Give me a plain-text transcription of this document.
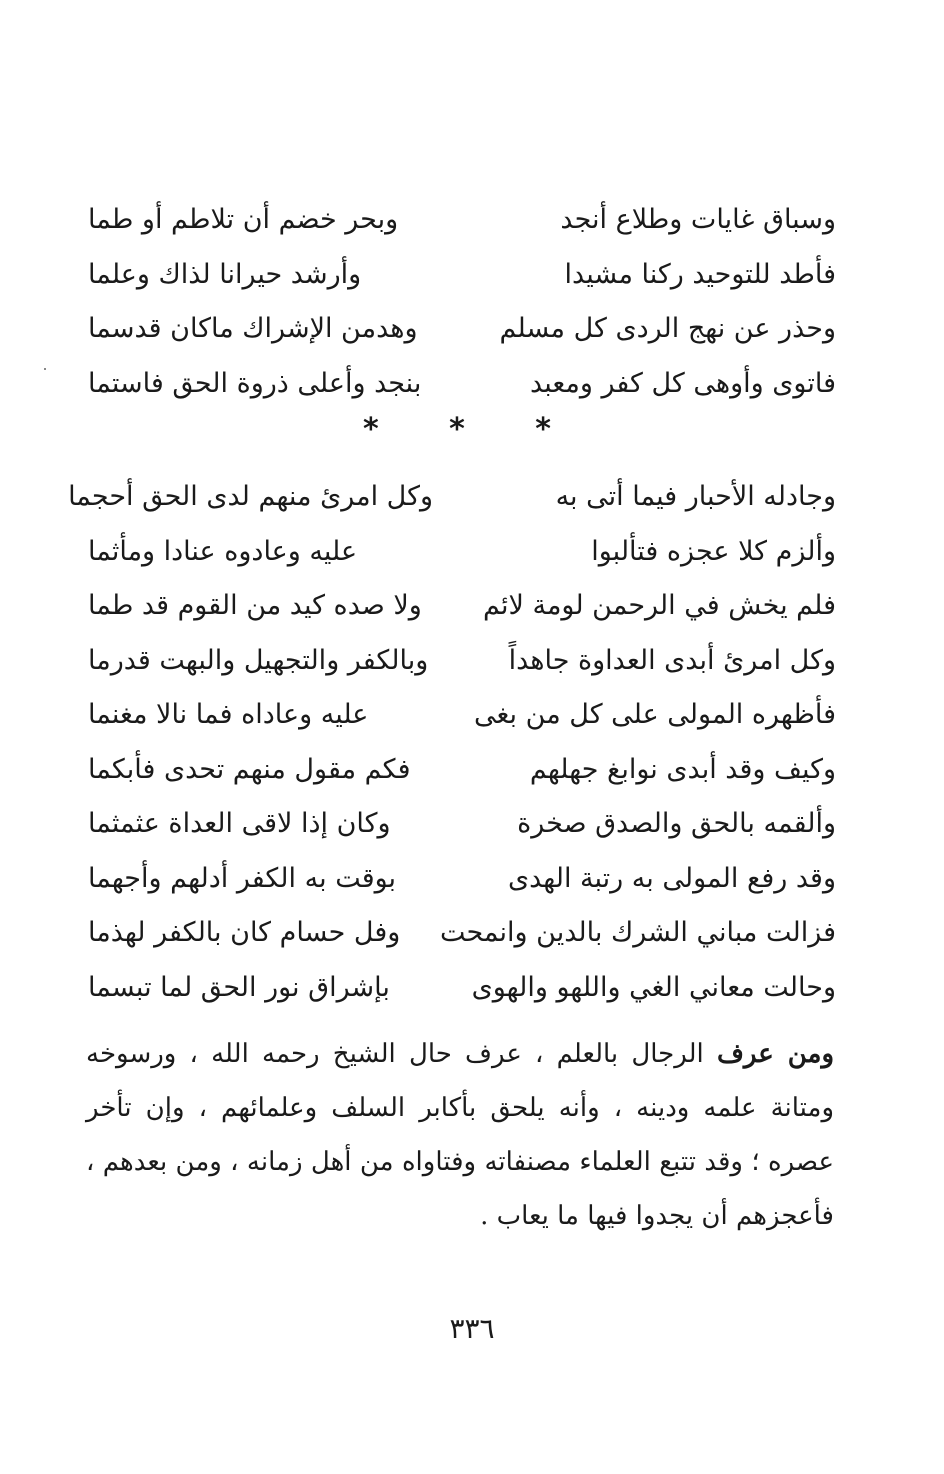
وسباق غايات وطلاع أنجد
وبحر خضم أن تلاطم أو طما
فأطد للتوحيد ركنا مشيدا
وأرشد حيرانا لذاك وعلما
وحذر عن نهج الردى كل مسلم
وهدمن الإشراك ماكان قدسما
فاتوى وأوهى كل كفر ومعبد
بنجد وأعلى ذروة الحق فاستما
* * *
وجادله الأحبار فيما أتى به
وكل امرئ منهم لدى الحق أحجما
وألزم كلا عجزه فتألبوا
عليه وعادوه عنادا ومأثما
فلم يخش في الرحمن لومة لائم
ولا صده كيد من القوم قد طما
وكل امرئ أبدى العداوة جاهداً
وبالكفر والتجهيل والبهت قدرما
فأظهره المولى على كل من بغى
عليه وعاداه فما نالا مغنما
وكيف وقد أبدى نوابغ جهلهم
فكم مقول منهم تحدى فأبكما
وألقمه بالحق والصدق صخرة
وكان إذا لاقى العداة عثمثما
وقد رفع المولى به رتبة الهدى
بوقت به الكفر أدلهم وأجهما
فزالت مباني الشرك بالدين وانمحت
وفل حسام كان بالكفر لهذما
وحالت معاني الغي واللهو والهوى
بإشراق نور الحق لما تبسما
ومن عرف الرجال بالعلم ، عرف حال الشيخ رحمه الله ، ورسوخه ومتانة علمه ودينه ، وأنه يلحق بأكابر السلف وعلمائهم ، وإن تأخر عصره ؛ وقد تتبع العلماء مصنفاته وفتاواه من أهل زمانه ، ومن بعدهم ، فأعجزهم أن يجدوا فيها ما يعاب .
٣٣٦
